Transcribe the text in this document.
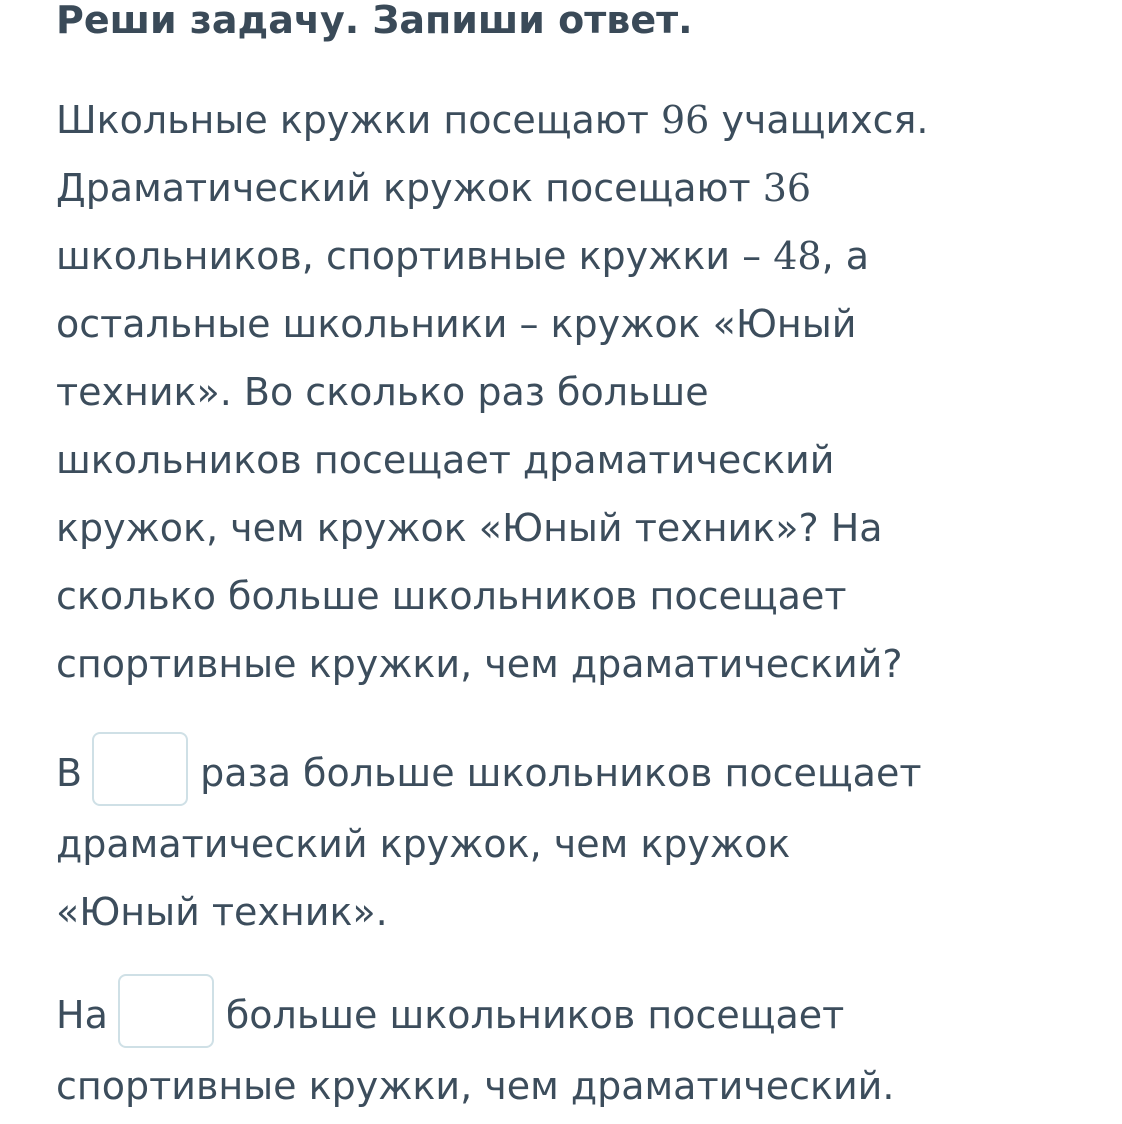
Реши задачу. Запиши ответ.
Школьные кружки посещают 96 учащихся.
Драматический кружок посещают 36
школьников, спортивные кружки – 48, а
остальные школьники – кружок «Юный
техник». Во сколько раз больше
школьников посещает драматический
кружок, чем кружок «Юный техник»? На
сколько больше школьников посещает
спортивные кружки, чем драматический?
В	раза больше школьников посещает
драматический кружок, чем кружок
«Юный техник».
На	больше школьников посещает
спортивные кружки, чем драматический.
